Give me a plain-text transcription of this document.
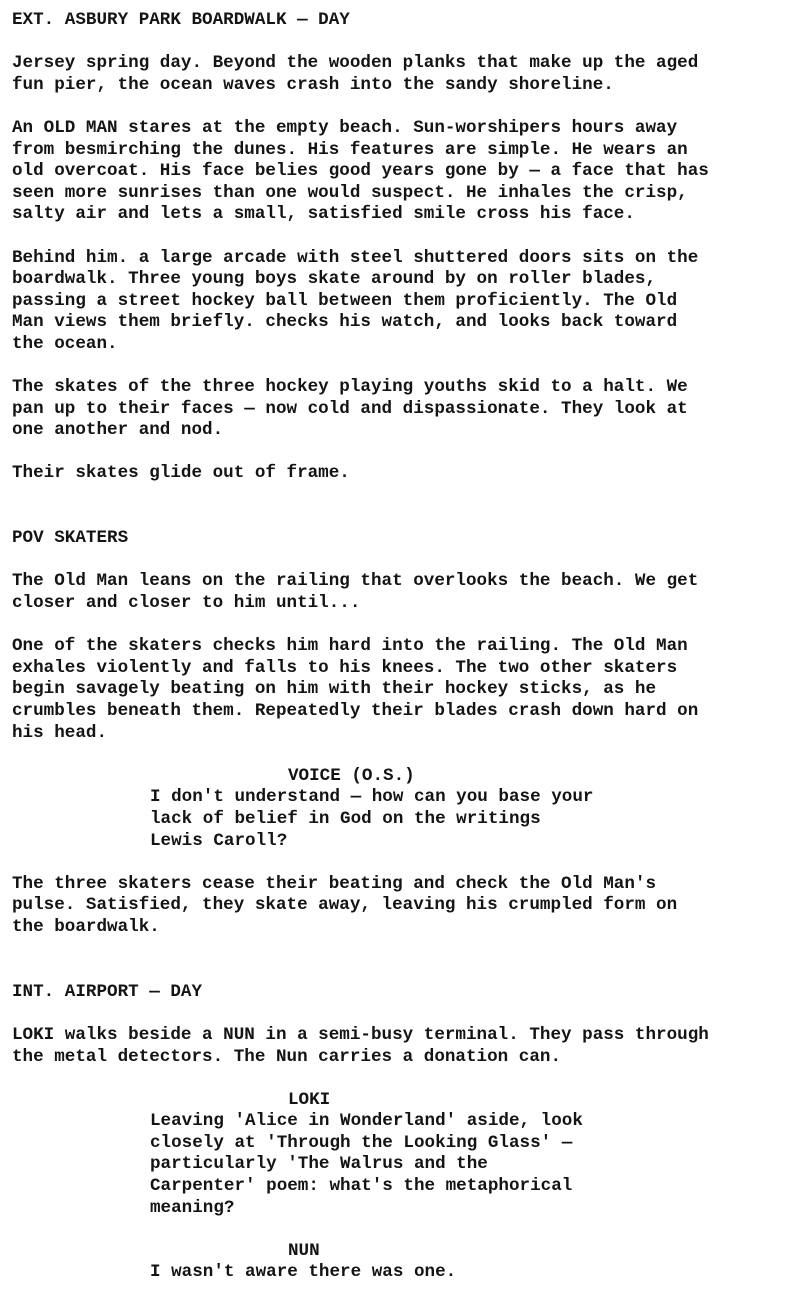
EXT. ASBURY PARK BOARDWALK — DAY
Jersey spring day. Beyond the wooden planks that make up the aged
fun pier, the ocean waves crash into the sandy shoreline.
An OLD MAN stares at the empty beach. Sun-worshipers hours away
from besmirching the dunes. His features are simple. He wears an
old overcoat. His face belies good years gone by — a face that has
seen more sunrises than one would suspect. He inhales the crisp,
salty air and lets a small, satisfied smile cross his face.
Behind him. a large arcade with steel shuttered doors sits on the
boardwalk. Three young boys skate around by on roller blades,
passing a street hockey ball between them proficiently. The Old
Man views them briefly. checks his watch, and looks back toward
the ocean.
The skates of the three hockey playing youths skid to a halt. We
pan up to their faces — now cold and dispassionate. They look at
one another and nod.
Their skates glide out of frame.
POV SKATERS
The Old Man leans on the railing that overlooks the beach. We get
closer and closer to him until...
One of the skaters checks him hard into the railing. The Old Man
exhales violently and falls to his knees. The two other skaters
begin savagely beating on him with their hockey sticks, as he
crumbles beneath them. Repeatedly their blades crash down hard on
his head.
VOICE (O.S.)
I don't understand — how can you base your
lack of belief in God on the writings
Lewis Caroll?
The three skaters cease their beating and check the Old Man's
pulse. Satisfied, they skate away, leaving his crumpled form on
the boardwalk.
INT. AIRPORT — DAY
LOKI walks beside a NUN in a semi-busy terminal. They pass through
the metal detectors. The Nun carries a donation can.
LOKI
Leaving 'Alice in Wonderland' aside, look
closely at 'Through the Looking Glass' —
particularly 'The Walrus and the
Carpenter' poem: what's the metaphorical
meaning?
NUN
I wasn't aware there was one.
